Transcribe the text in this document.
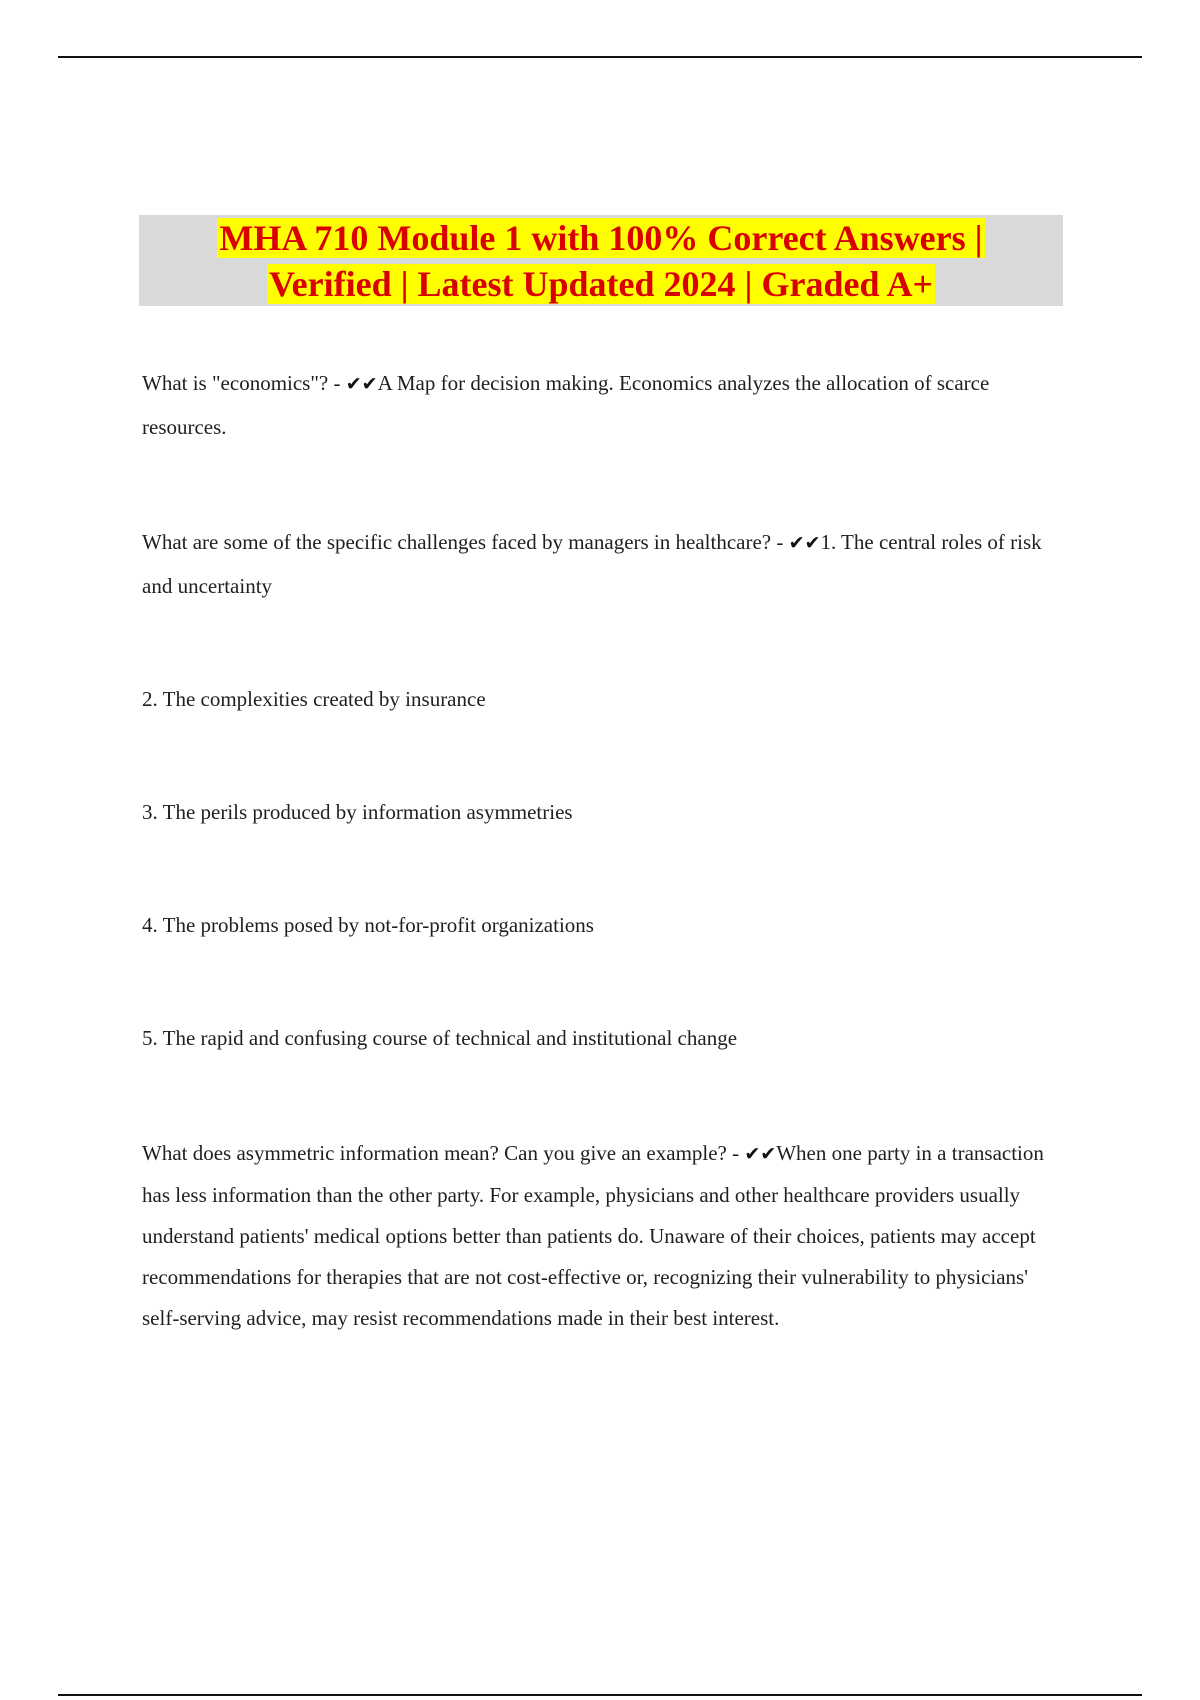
MHA 710 Module 1 with 100% Correct Answers |
Verified | Latest Updated 2024 | Graded A+
What is "economics"? - ✔✔A Map for decision making. Economics analyzes the allocation of scarce resources.
What are some of the specific challenges faced by managers in healthcare? - ✔✔1. The central roles of risk and uncertainty
2. The complexities created by insurance
3. The perils produced by information asymmetries
4. The problems posed by not-for-profit organizations
5. The rapid and confusing course of technical and institutional change
What does asymmetric information mean? Can you give an example? - ✔✔When one party in a transaction has less information than the other party. For example, physicians and other healthcare providers usually understand patients' medical options better than patients do. Unaware of their choices, patients may accept recommendations for therapies that are not cost-effective or, recognizing their vulnerability to physicians' self-serving advice, may resist recommendations made in their best interest.
